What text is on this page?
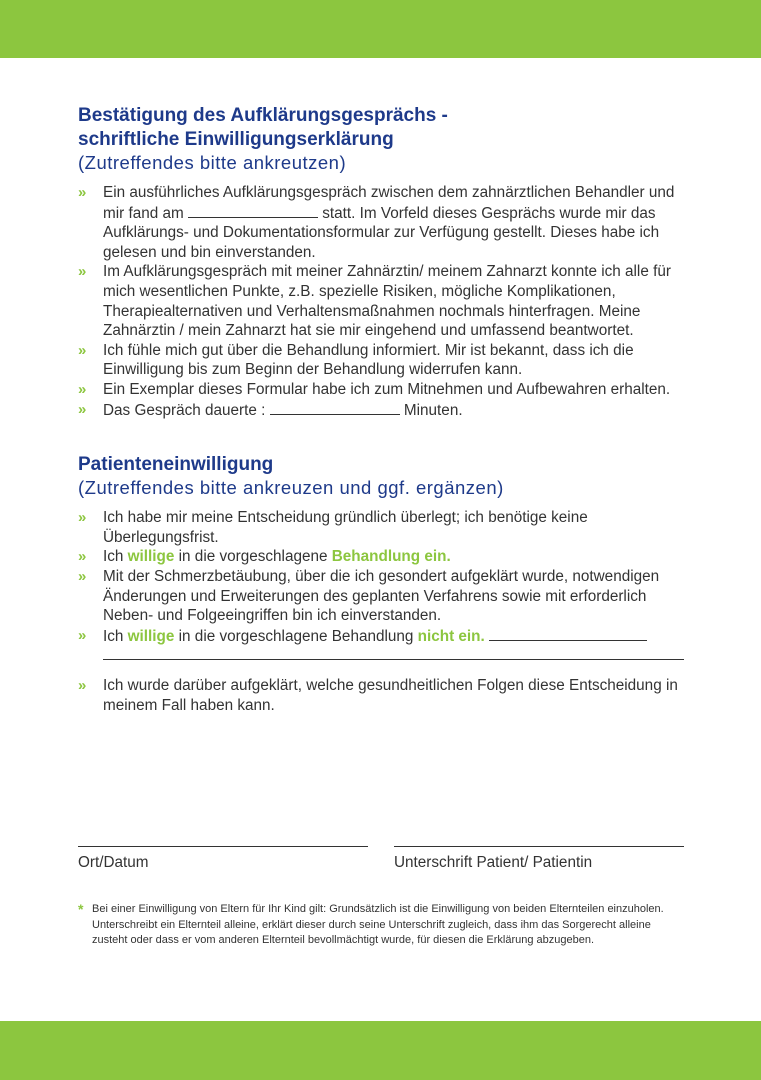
Bestätigung des Aufklärungsgesprächs -
schriftliche Einwilligungserklärung
(Zutreffendes bitte ankreutzen)
» Ein ausführliches Aufklärungsgespräch zwischen dem zahnärztlichen Behandler und mir fand am	statt. Im Vorfeld dieses Gesprächs wurde mir das Aufklärungs- und Dokumentationsformular zur Verfügung gestellt. Dieses habe ich gelesen und bin einverstanden.
» Im Aufklärungsgespräch mit meiner Zahnärztin/ meinem Zahnarzt konnte ich alle für mich wesentlichen Punkte, z.B. spezielle Risiken, mögliche Komplikationen, Therapiealternativen und Verhaltensmaßnahmen nochmals hinterfragen. Meine Zahnärztin / mein Zahnarzt hat sie mir eingehend und umfassend beantwortet.
» Ich fühle mich gut über die Behandlung informiert. Mir ist bekannt, dass ich die Einwilligung bis zum Beginn der Behandlung widerrufen kann.
» Ein Exemplar dieses Formular habe ich zum Mitnehmen und Aufbewahren erhalten.
» Das Gespräch dauerte :	Minuten.
Patienteneinwilligung
(Zutreffendes bitte ankreuzen und ggf. ergänzen)
» Ich habe mir meine Entscheidung gründlich überlegt; ich benötige keine Überlegungsfrist.
» Ich willige in die vorgeschlagene Behandlung ein.
» Mit der Schmerzbetäubung, über die ich gesondert aufgeklärt wurde, notwendigen Änderungen und Erweiterungen des geplanten Verfahrens sowie mit erforderlich Neben- und Folgeeingriffen bin ich einverstanden.
» Ich willige in die vorgeschlagene Behandlung nicht ein.
» Ich wurde darüber aufgeklärt, welche gesundheitlichen Folgen diese Entscheidung in meinem Fall haben kann.
Ort/Datum	Unterschrift Patient/ Patientin
* Bei einer Einwilligung von Eltern für Ihr Kind gilt: Grundsätzlich ist die Einwilligung von beiden Elternteilen einzuholen. Unterschreibt ein Elternteil alleine, erklärt dieser durch seine Unterschrift zugleich, dass ihm das Sorgerecht alleine zusteht oder dass er vom anderen Elternteil bevollmächtigt wurde, für diesen die Erklärung abzugeben.
